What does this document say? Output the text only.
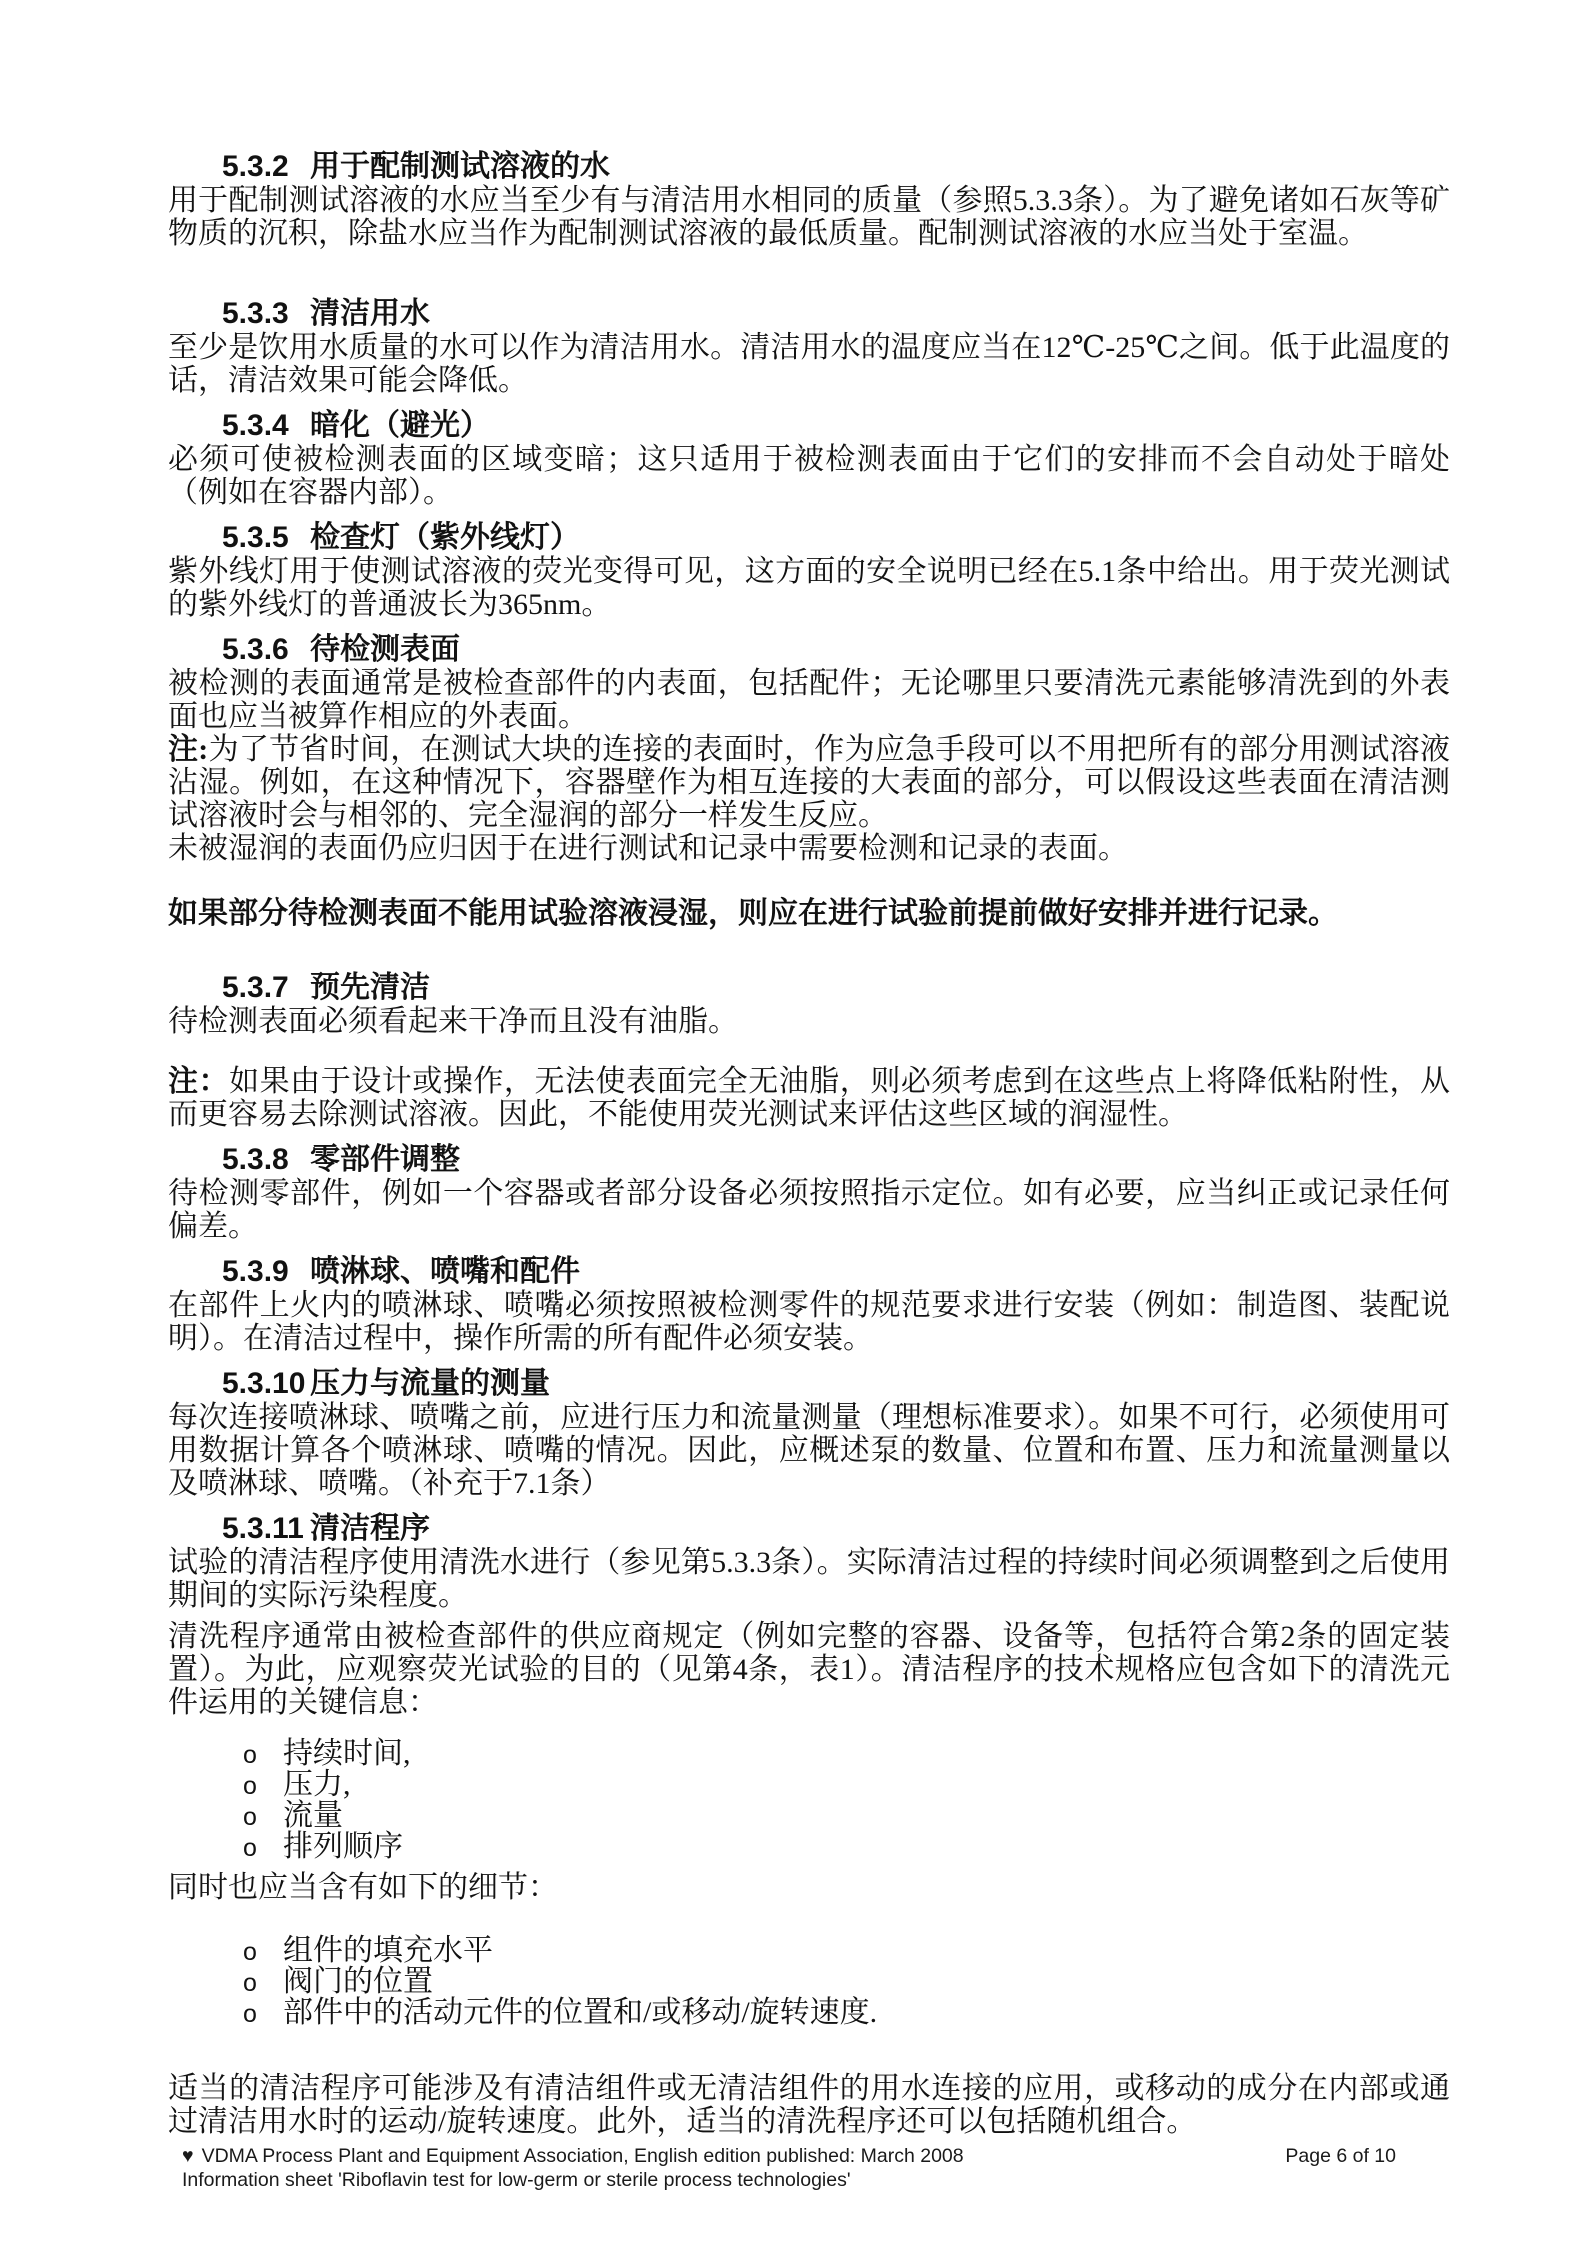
5.3.2 用于配制测试溶液的水

用于配制测试溶液的水应当至少有与清洁用水相同的质量（参照5.3.3条）。为了避免诸如石灰等矿物质的沉积，除盐水应当作为配制测试溶液的最低质量。配制测试溶液的水应当处于室温。

5.3.3 清洁用水

至少是饮用水质量的水可以作为清洁用水。清洁用水的温度应当在12℃-25℃之间。低于此温度的话，清洁效果可能会降低。

5.3.4 暗化（避光）

必须可使被检测表面的区域变暗；这只适用于被检测表面由于它们的安排而不会自动处于暗处（例如在容器内部）。

5.3.5 检查灯（紫外线灯）

紫外线灯用于使测试溶液的荧光变得可见，这方面的安全说明已经在5.1条中给出。用于荧光测试的紫外线灯的普通波长为365nm。

5.3.6 待检测表面

被检测的表面通常是被检查部件的内表面，包括配件；无论哪里只要清洗元素能够清洗到的外表面也应当被算作相应的外表面。

注:为了节省时间，在测试大块的连接的表面时，作为应急手段可以不用把所有的部分用测试溶液沾湿。例如，在这种情况下，容器壁作为相互连接的大表面的部分，可以假设这些表面在清洁测试溶液时会与相邻的、完全湿润的部分一样发生反应。

未被湿润的表面仍应归因于在进行测试和记录中需要检测和记录的表面。

如果部分待检测表面不能用试验溶液浸湿，则应在进行试验前提前做好安排并进行记录。

5.3.7 预先清洁

待检测表面必须看起来干净而且没有油脂。

注：如果由于设计或操作，无法使表面完全无油脂，则必须考虑到在这些点上将降低粘附性，从而更容易去除测试溶液。因此，不能使用荧光测试来评估这些区域的润湿性。

5.3.8 零部件调整

待检测零部件，例如一个容器或者部分设备必须按照指示定位。如有必要，应当纠正或记录任何偏差。

5.3.9 喷淋球、喷嘴和配件

在部件上火内的喷淋球、喷嘴必须按照被检测零件的规范要求进行安装（例如：制造图、装配说明）。在清洁过程中，操作所需的所有配件必须安装。

5.3.10 压力与流量的测量

每次连接喷淋球、喷嘴之前，应进行压力和流量测量（理想标准要求）。如果不可行，必须使用可用数据计算各个喷淋球、喷嘴的情况。因此，应概述泵的数量、位置和布置、压力和流量测量以及喷淋球、喷嘴。（补充于7.1条）

5.3.11 清洁程序

试验的清洁程序使用清洗水进行（参见第5.3.3条）。实际清洁过程的持续时间必须调整到之后使用期间的实际污染程度。

清洗程序通常由被检查部件的供应商规定（例如完整的容器、设备等，包括符合第2条的固定装置）。为此，应观察荧光试验的目的（见第4条，表1）。清洁程序的技术规格应包含如下的清洗元件运用的关键信息：

o 持续时间,
o 压力,
o 流量
o 排列顺序

同时也应当含有如下的细节：

o 组件的填充水平
o 阀门的位置
o 部件中的活动元件的位置和/或移动/旋转速度.

适当的清洁程序可能涉及有清洁组件或无清洁组件的用水连接的应用，或移动的成分在内部或通过清洁用水时的运动/旋转速度。此外，适当的清洗程序还可以包括随机组合。

♥ VDMA Process Plant and Equipment Association, English edition published: March 2008	Page 6 of 10
Information sheet 'Riboflavin test for low-germ or sterile process technologies'
